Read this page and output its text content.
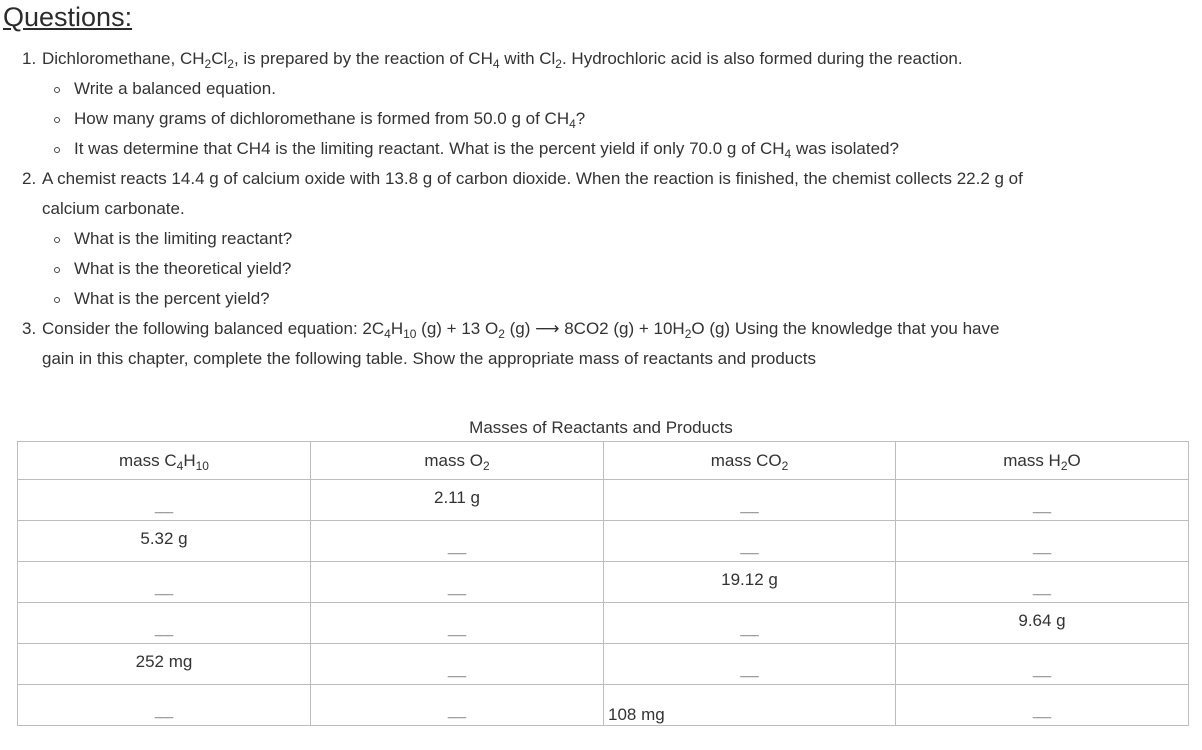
Questions:
1. Dichloromethane, $CH_2Cl_2$, is prepared by the reaction of $CH_4$ with $Cl_2$. Hydrochloric acid is also formed during the reaction.
Write a balanced equation.
How many grams of dichloromethane is formed from 50.0 g of $CH_4$?
It was determine that CH4 is the limiting reactant. What is the percent yield if only 70.0 g of $CH_4$ was isolated?
2. A chemist reacts 14.4 g of calcium oxide with 13.8 g of carbon dioxide. When the reaction is finished, the chemist collects 22.2 g of
calcium carbonate.
What is the limiting reactant?
What is the theoretical yield?
What is the percent yield?
3. Consider the following balanced equation: $2C_4H_{10}$ (g) + 13 $O_2$ (g) ⟶ 8CO2 $(g) + 10H_2O$ (g) Using the knowledge that you have
gain in this chapter, complete the following table. Show the appropriate mass of reactants and products
Masses of Reactants and Products
mass $C_4H_{10}$	mass $O_2$	mass $CO_2$	mass $H_2O$

___	2.11 g	___	___

5.32 g	___	___	___

___	___	19.12 g	___

___	___	___	9.64 g

252 mg	___	___	___

___	___	108 mg	___
